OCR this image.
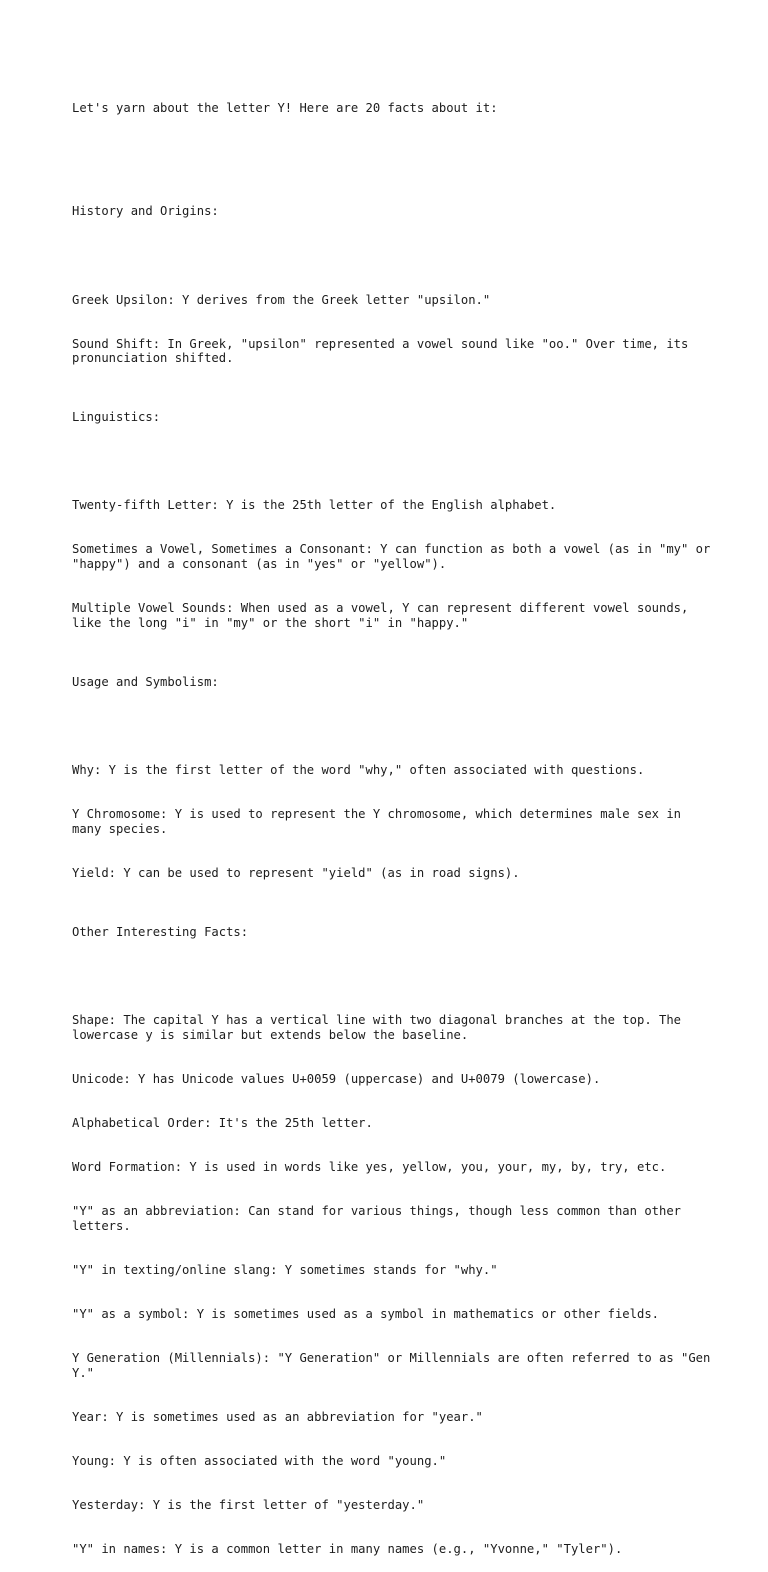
Let's yarn about the letter Y! Here are 20 facts about it:

History and Origins:

Greek Upsilon: Y derives from the Greek letter "upsilon."

Sound Shift: In Greek, "upsilon" represented a vowel sound like "oo." Over time, its pronunciation shifted.

Linguistics:

Twenty-fifth Letter: Y is the 25th letter of the English alphabet.

Sometimes a Vowel, Sometimes a Consonant: Y can function as both a vowel (as in "my" or "happy") and a consonant (as in "yes" or "yellow").

Multiple Vowel Sounds: When used as a vowel, Y can represent different vowel sounds, like the long "i" in "my" or the short "i" in "happy."

Usage and Symbolism:

Why: Y is the first letter of the word "why," often associated with questions.

Y Chromosome: Y is used to represent the Y chromosome, which determines male sex in many species.

Yield: Y can be used to represent "yield" (as in road signs).

Other Interesting Facts:

Shape: The capital Y has a vertical line with two diagonal branches at the top. The lowercase y is similar but extends below the baseline.

Unicode: Y has Unicode values U+0059 (uppercase) and U+0079 (lowercase).

Alphabetical Order: It's the 25th letter.

Word Formation: Y is used in words like yes, yellow, you, your, my, by, try, etc.

"Y" as an abbreviation: Can stand for various things, though less common than other letters.

"Y" in texting/online slang: Y sometimes stands for "why."

"Y" as a symbol: Y is sometimes used as a symbol in mathematics or other fields.

Y Generation (Millennials): "Y Generation" or Millennials are often referred to as "Gen Y."

Year: Y is sometimes used as an abbreviation for "year."

Young: Y is often associated with the word "young."

Yesterday: Y is the first letter of "yesterday."

"Y" in names: Y is a common letter in many names (e.g., "Yvonne," "Tyler").
